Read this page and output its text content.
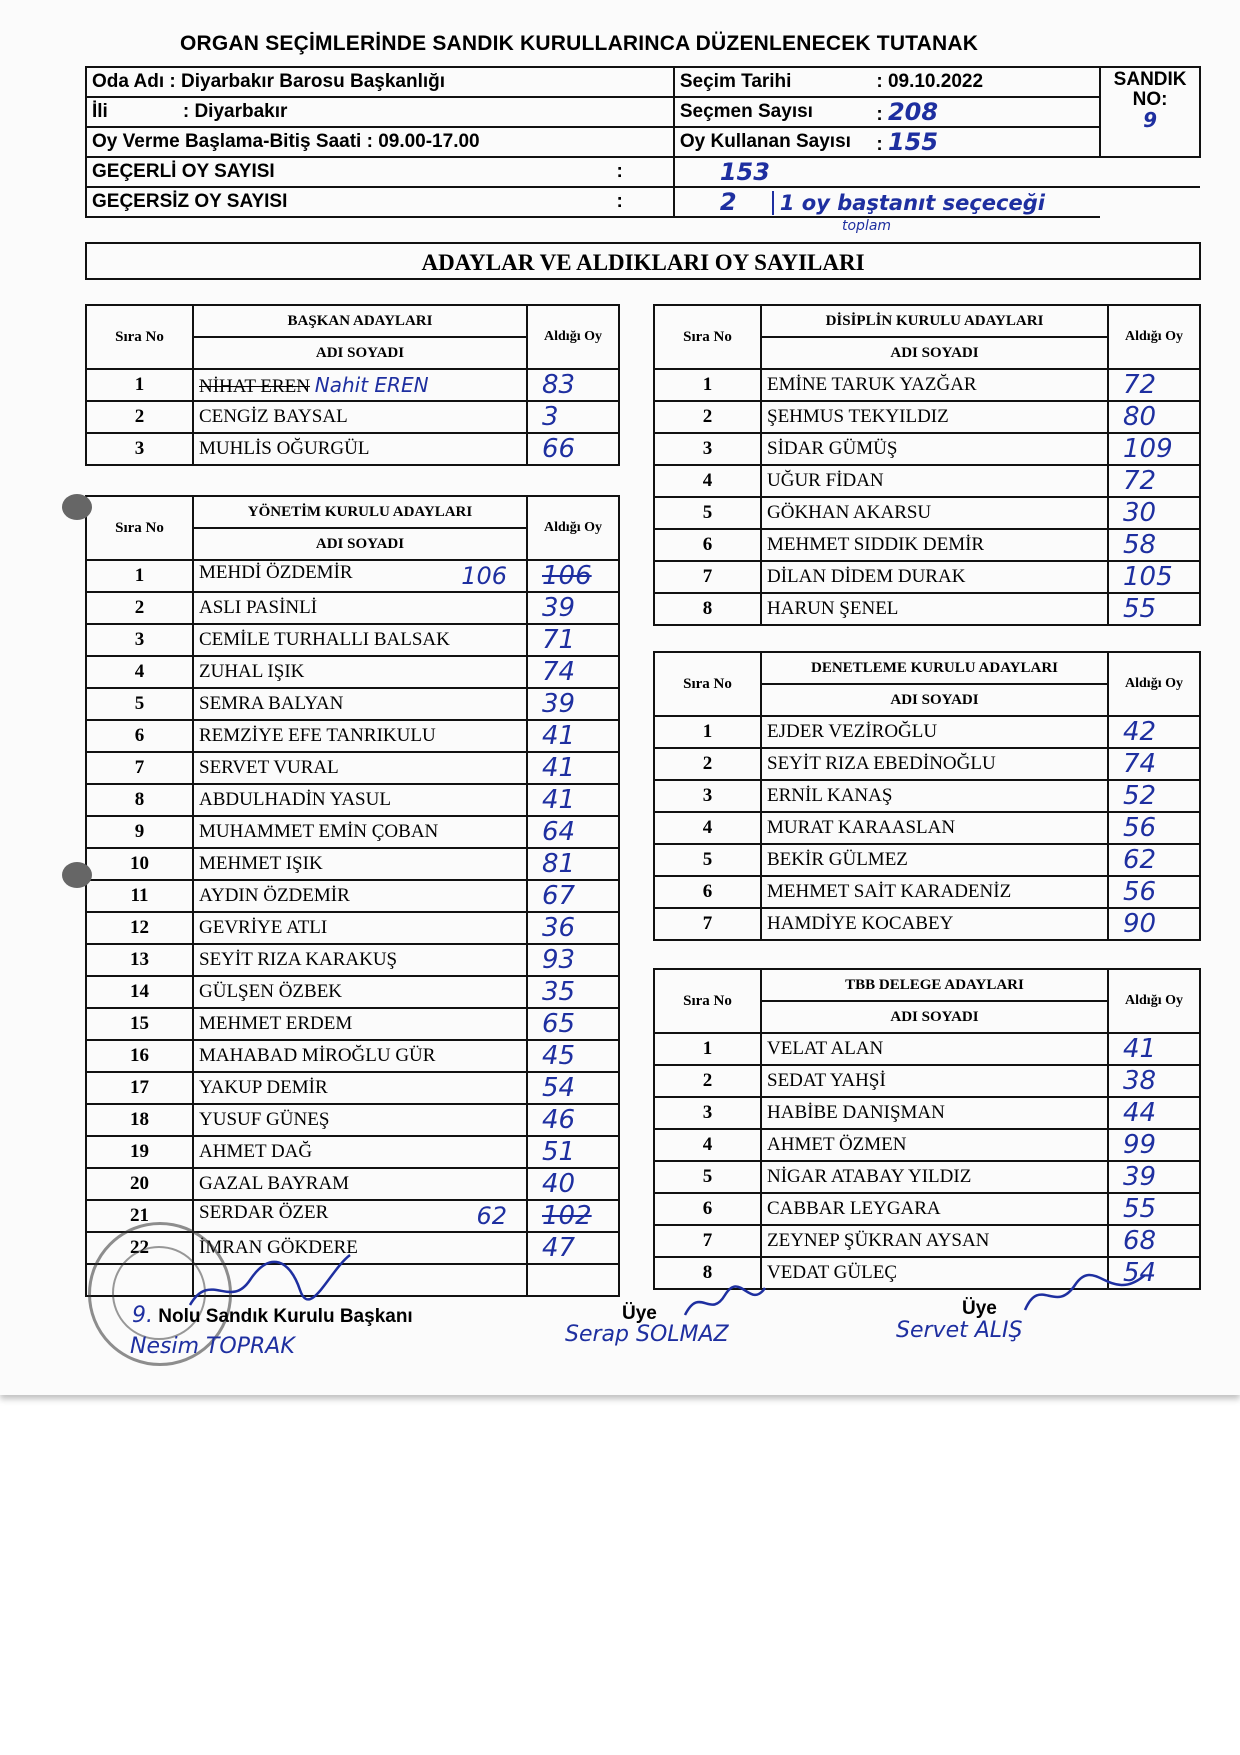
ORGAN SEÇİMLERİNDE SANDIK KURULLARINCA DÜZENLENECEK TUTANAK
Oda Adı : Diyarbakır Barosu Başkanlığı	Seçim Tarihi	: 09.10.2022	SANDIK NO:
9

İli : Diyarbakır	Seçmen Sayısı	: 208	
Oy Verme Başlama-Bitiş Saati : 09.00-17.00	Oy Kullanan Sayısı	: 155	
GEÇERLİ OY SAYISI :	153		
GEÇERSİZ OY SAYISI :	2 1 oy baştanıt seçeceği		
toplam
ADAYLAR VE ALDIKLARI OY SAYILARI
Sıra No	BAŞKAN ADAYLARI	Aldığı Oy
	ADI SOYADI	
1	NİHAT EREN Nahit EREN	83
2	CENGİZ BAYSAL	3
3	MUHLİS OĞURGÜL	66
Sıra No	YÖNETİM KURULU ADAYLARI	Aldığı Oy
	ADI SOYADI	
1	MEHDİ ÖZDEMİR 106	106
2	ASLI PASİNLİ	39
3	CEMİLE TURHALLI BALSAK	71
4	ZUHAL IŞIK	74
5	SEMRA BALYAN	39
6	REMZİYE EFE TANRIKULU	41
7	SERVET VURAL	41
8	ABDULHADİN YASUL	41
9	MUHAMMET EMİN ÇOBAN	64
10	MEHMET IŞIK	81
11	AYDIN ÖZDEMİR	67
12	GEVRİYE ATLI	36
13	SEYİT RIZA KARAKUŞ	93
14	GÜLŞEN ÖZBEK	35
15	MEHMET ERDEM	65
16	MAHABAD MİROĞLU GÜR	45
17	YAKUP DEMİR	54
18	YUSUF GÜNEŞ	46
19	AHMET DAĞ	51
20	GAZAL BAYRAM	40
21	SERDAR ÖZER 62	102
22	İMRAN GÖKDERE	47

Sıra No	DİSİPLİN KURULU ADAYLARI	Aldığı Oy
	ADI SOYADI	
1	EMİNE TARUK YAZĞAR	72
2	ŞEHMUS TEKYILDIZ	80
3	SİDAR GÜMÜŞ	109
4	UĞUR FİDAN	72
5	GÖKHAN AKARSU	30
6	MEHMET SIDDIK DEMİR	58
7	DİLAN DİDEM DURAK	105
8	HARUN ŞENEL	55
Sıra No	DENETLEME KURULU ADAYLARI	Aldığı Oy
	ADI SOYADI	
1	EJDER VEZİROĞLU	42
2	SEYİT RIZA EBEDİNOĞLU	74
3	ERNİL KANAŞ	52
4	MURAT KARAASLAN	56
5	BEKİR GÜLMEZ	62
6	MEHMET SAİT KARADENİZ	56
7	HAMDİYE KOCABEY	90
Sıra No	TBB DELEGE ADAYLARI	Aldığı Oy
	ADI SOYADI	
1	VELAT ALAN	41
2	SEDAT YAHŞİ	38
3	HABİBE DANIŞMAN	44
4	AHMET ÖZMEN	99
5	NİGAR ATABAY YILDIZ	39
6	CABBAR LEYGARA	55
7	ZEYNEP ŞÜKRAN AYSAN	68
8	VEDAT GÜLEÇ	54
9. Nolu Sandık Kurulu Başkanı
Nesim TOPRAK
Üye
Serap SOLMAZ
Üye
Servet ALIŞ
